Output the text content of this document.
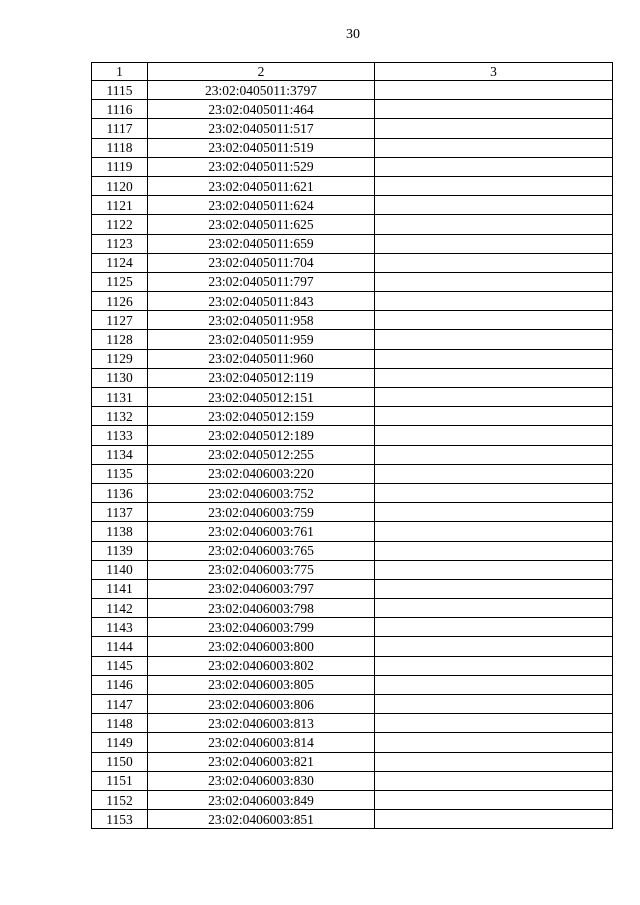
30
1	2	3
1115	23:02:0405011:3797	
1116	23:02:0405011:464	
1117	23:02:0405011:517	
1118	23:02:0405011:519	
1119	23:02:0405011:529	
1120	23:02:0405011:621	
1121	23:02:0405011:624	
1122	23:02:0405011:625	
1123	23:02:0405011:659	
1124	23:02:0405011:704	
1125	23:02:0405011:797	
1126	23:02:0405011:843	
1127	23:02:0405011:958	
1128	23:02:0405011:959	
1129	23:02:0405011:960	
1130	23:02:0405012:119	
1131	23:02:0405012:151	
1132	23:02:0405012:159	
1133	23:02:0405012:189	
1134	23:02:0405012:255	
1135	23:02:0406003:220	
1136	23:02:0406003:752	
1137	23:02:0406003:759	
1138	23:02:0406003:761	
1139	23:02:0406003:765	
1140	23:02:0406003:775	
1141	23:02:0406003:797	
1142	23:02:0406003:798	
1143	23:02:0406003:799	
1144	23:02:0406003:800	
1145	23:02:0406003:802	
1146	23:02:0406003:805	
1147	23:02:0406003:806	
1148	23:02:0406003:813	
1149	23:02:0406003:814	
1150	23:02:0406003:821	
1151	23:02:0406003:830	
1152	23:02:0406003:849	
1153	23:02:0406003:851	
